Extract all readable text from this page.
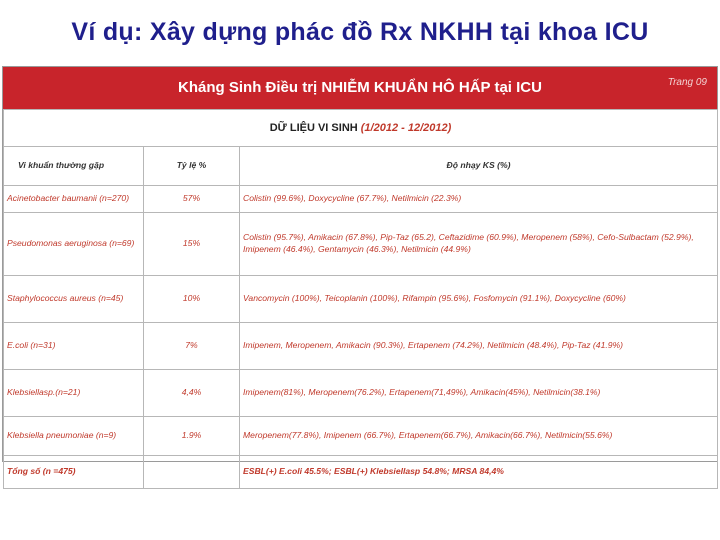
Ví dụ: Xây dựng phác đồ Rx NKHH tại khoa ICU
Kháng Sinh Điều trị NHIỄM KHUẨN HÔ HẤP tại ICU	Trang 09
DỮ LIỆU VI SINH (1/2012 - 12/2012)		
Vi khuẩn thường gặp	Tỷ lệ %	Độ nhạy KS (%)
Acinetobacter baumanii (n=270)	57%	Colistin (99.6%), Doxycycline (67.7%), Netilmicin (22.3%)
Pseudomonas aeruginosa (n=69)	15%	Colistin (95.7%), Amikacin (67.8%), Pip-Taz (65.2), Ceftazidime (60.9%), Meropenem (58%), Cefo-Sulbactam (52.9%), Imipenem (46.4%), Gentamycin (46.3%), Netilmicin (44.9%)
Staphylococcus aureus (n=45)	10%	Vancomycin (100%), Teicoplanin (100%), Rifampin (95.6%), Fosfomycin (91.1%), Doxycycline (60%)
E.coli (n=31)	7%	Imipenem, Meropenem, Amikacin (90.3%), Ertapenem (74.2%), Netilmicin (48.4%), Pip-Taz (41.9%)
Klebsiellasp.(n=21)	4,4%	Imipenem(81%), Meropenem(76.2%), Ertapenem(71,49%), Amikacin(45%), Netilmicin(38.1%)
Klebsiella pneumoniae (n=9)	1.9%	Meropenem(77.8%), Imipenem (66.7%), Ertapenem(66.7%), Amikacin(66.7%), Netilmicin(55.6%)
Tổng số (n =475)		ESBL(+) E.coli 45.5%; ESBL(+) Klebsiellasp 54.8%; MRSA 84,4%
